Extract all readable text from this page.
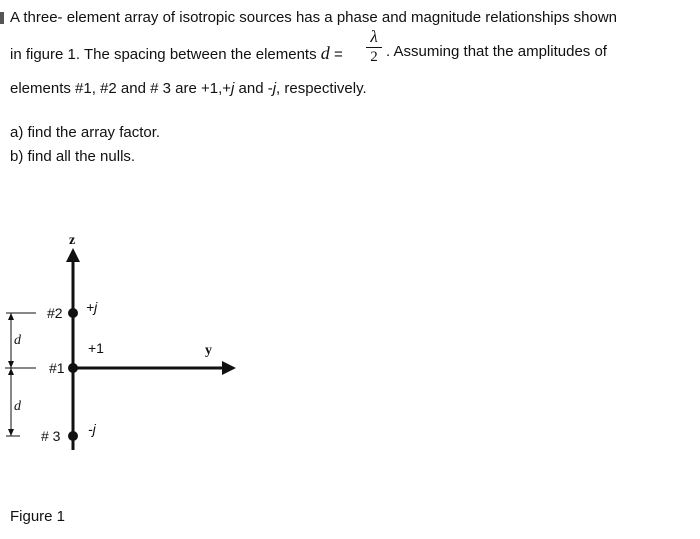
A three- element array of isotropic sources has a phase and magnitude relationships shown
in figure 1. The spacing between the elements d =
λ
2 . Assuming that the amplitudes of
elements #1, #2 and # 3 are +1,+j and -j, respectively.
a) find the array factor.
b) find all the nulls.
z
y
#2 +j
#1
+1
# 3 -j
d
d
Figure 1
